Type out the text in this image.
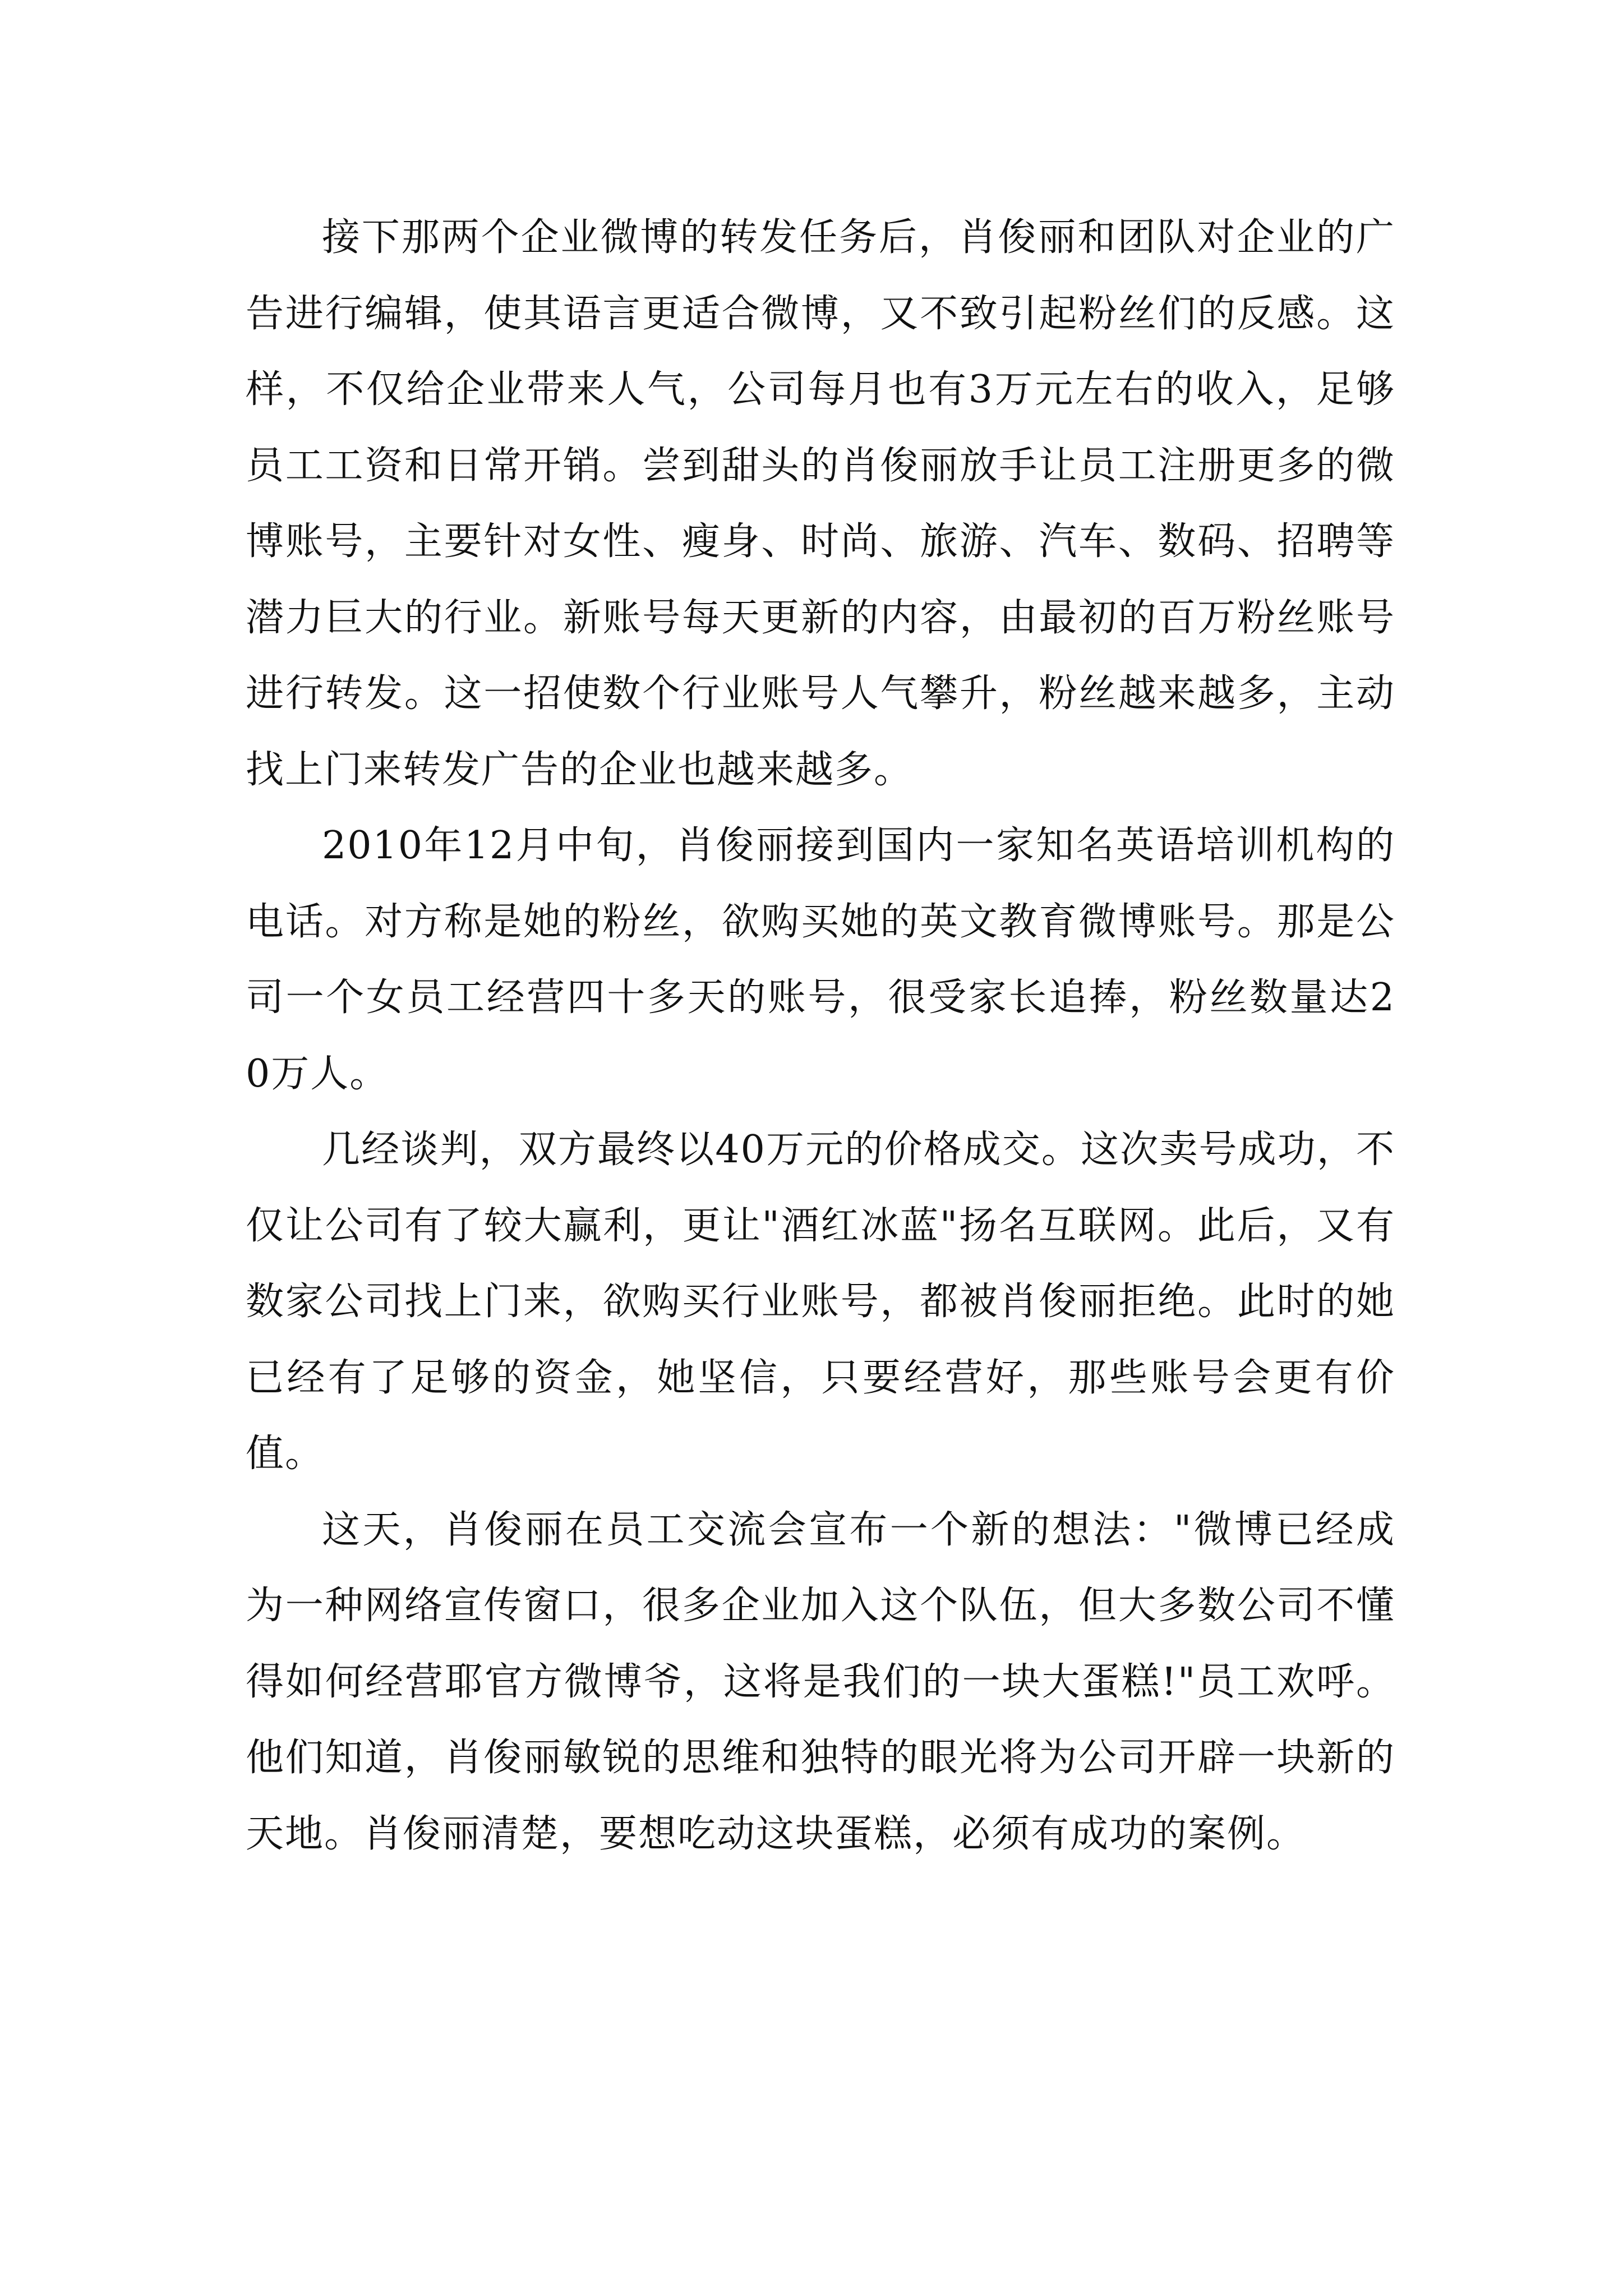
接下那两个企业微博的转发任务后，肖俊丽和团队对企业的广告进行编辑，使其语言更适合微博，又不致引起粉丝们的反感。这样，不仅给企业带来人气，公司每月也有3万元左右的收入，足够员工工资和日常开销。尝到甜头的肖俊丽放手让员工注册更多的微博账号，主要针对女性、瘦身、时尚、旅游、汽车、数码、招聘等潜力巨大的行业。新账号每天更新的内容，由最初的百万粉丝账号进行转发。这一招使数个行业账号人气攀升，粉丝越来越多，主动找上门来转发广告的企业也越来越多。

2010年12月中旬，肖俊丽接到国内一家知名英语培训机构的电话。对方称是她的粉丝，欲购买她的英文教育微博账号。那是公司一个女员工经营四十多天的账号，很受家长追捧，粉丝数量达20万人。

几经谈判，双方最终以40万元的价格成交。这次卖号成功，不仅让公司有了较大赢利，更让"酒红冰蓝"扬名互联网。此后，又有数家公司找上门来，欲购买行业账号，都被肖俊丽拒绝。此时的她已经有了足够的资金，她坚信，只要经营好，那些账号会更有价值。

这天，肖俊丽在员工交流会宣布一个新的想法："微博已经成为一种网络宣传窗口，很多企业加入这个队伍，但大多数公司不懂得如何经营耶官方微博爷，这将是我们的一块大蛋糕!"员工欢呼。他们知道，肖俊丽敏锐的思维和独特的眼光将为公司开辟一块新的天地。肖俊丽清楚，要想吃动这块蛋糕，必须有成功的案例。
